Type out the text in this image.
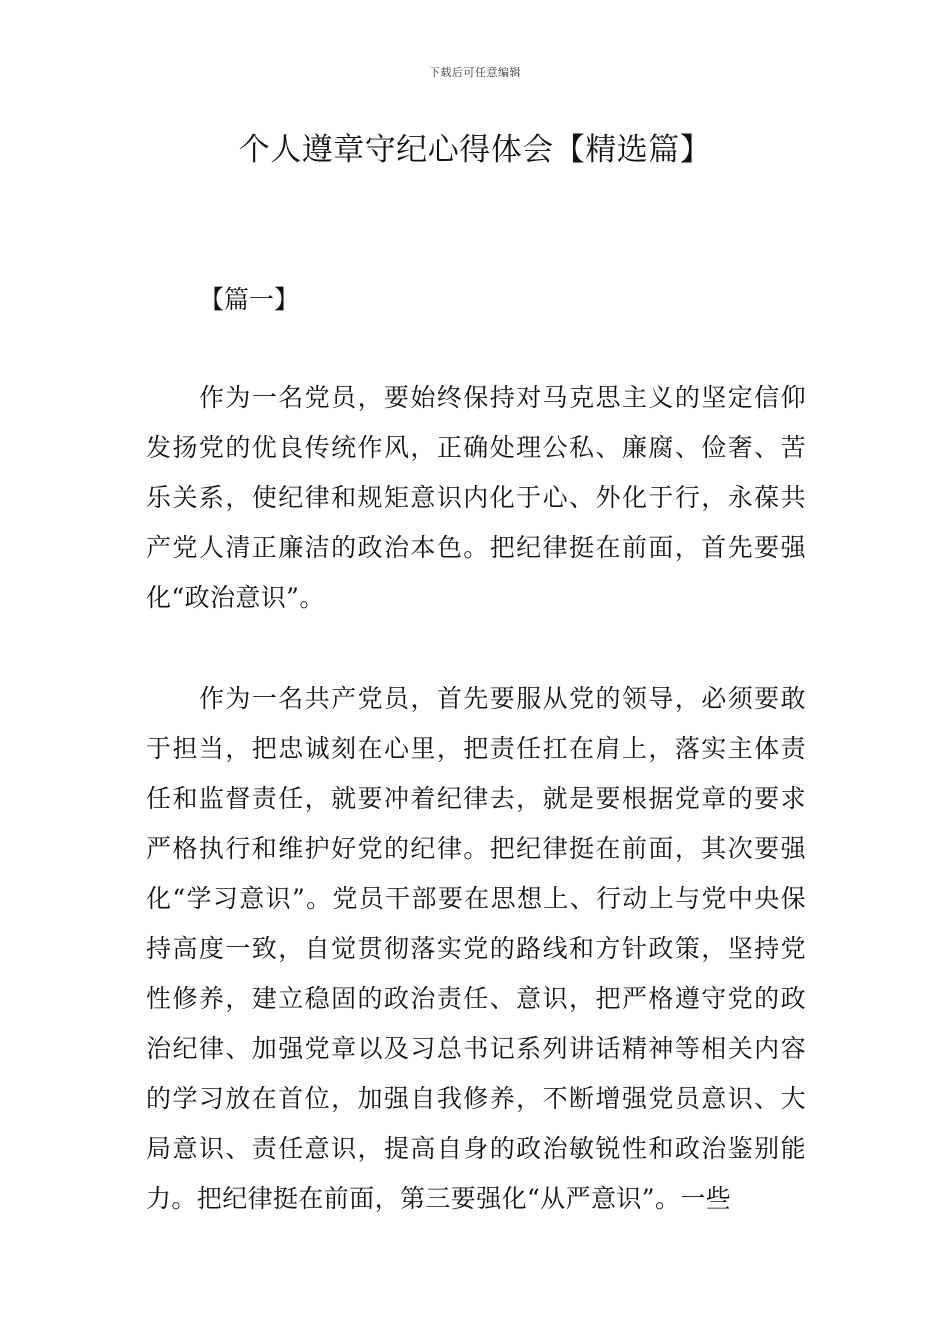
下载后可任意编辑
个人遵章守纪心得体会【精选篇】
【篇一】

作为一名党员，要始终保持对马克思主义的坚定信仰发扬党的优良传统作风，正确处理公私、廉腐、俭奢、苦乐关系，使纪律和规矩意识内化于心、外化于行，永葆共产党人清正廉洁的政治本色。把纪律挺在前面，首先要强化“政治意识”。

作为一名共产党员，首先要服从党的领导，必须要敢于担当，把忠诚刻在心里，把责任扛在肩上，落实主体责任和监督责任，就要冲着纪律去，就是要根据党章的要求严格执行和维护好党的纪律。把纪律挺在前面，其次要强化“学习意识”。党员干部要在思想上、行动上与党中央保持高度一致，自觉贯彻落实党的路线和方针政策，坚持党性修养，建立稳固的政治责任、意识，把严格遵守党的政治纪律、加强党章以及习总书记系列讲话精神等相关内容的学习放在首位，加强自我修养，不断增强党员意识、大局意识、责任意识，提高自身的政治敏锐性和政治鉴别能力。把纪律挺在前面，第三要强化“从严意识”。一些
